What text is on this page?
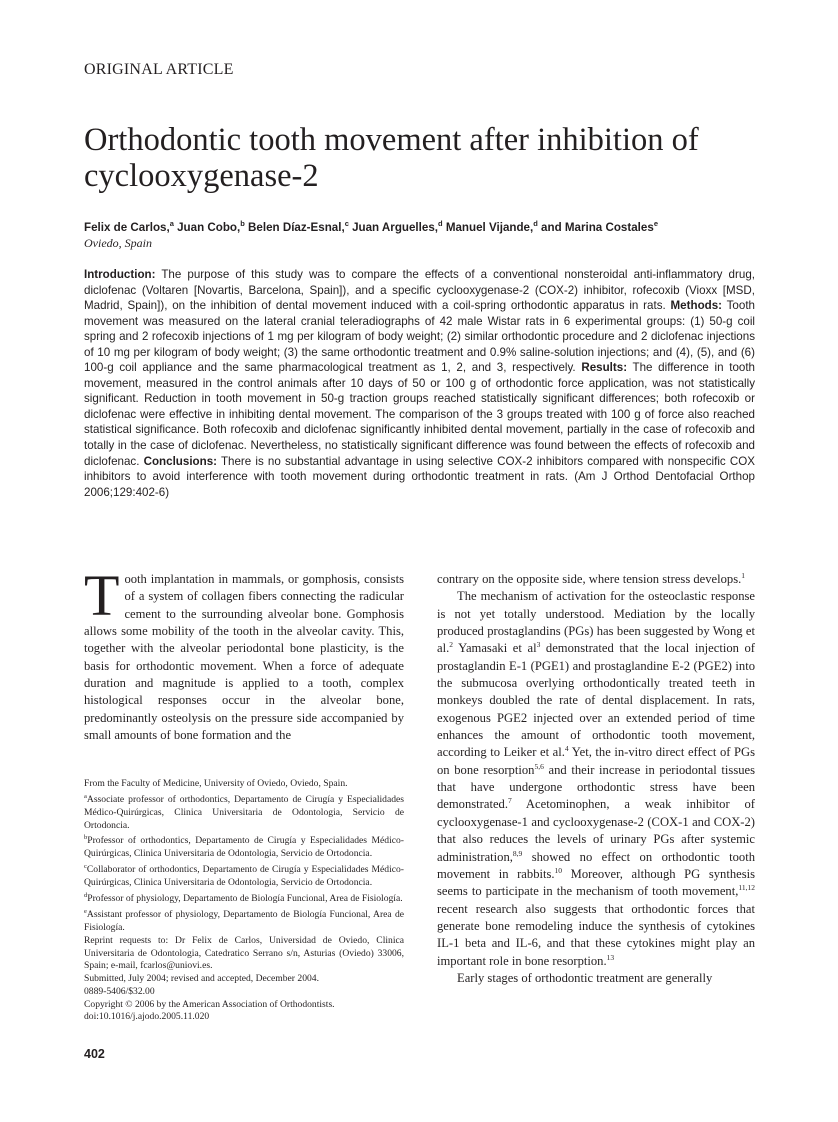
ORIGINAL ARTICLE
Orthodontic tooth movement after inhibition of cyclooxygenase-2
Felix de Carlos,$^a$ Juan Cobo,$^b$ Belen Díaz-Esnal,$^c$ Juan Arguelles,$^d$ Manuel Vijande,$^d$ and Marina Costales$^e$
Oviedo, Spain

Introduction: The purpose of this study was to compare the effects of a conventional nonsteroidal anti-inflammatory drug, diclofenac (Voltaren [Novartis, Barcelona, Spain]), and a specific cyclooxygenase-2 (COX-2) inhibitor, rofecoxib (Vioxx [MSD, Madrid, Spain]), on the inhibition of dental movement induced with a coil-spring orthodontic apparatus in rats. Methods: Tooth movement was measured on the lateral cranial teleradiographs of 42 male Wistar rats in 6 experimental groups: (1) 50-g coil spring and 2 rofecoxib injections of 1 mg per kilogram of body weight; (2) similar orthodontic procedure and 2 diclofenac injections of 10 mg per kilogram of body weight; (3) the same orthodontic treatment and 0.9% saline-solution injections; and (4), (5), and (6) 100-g coil appliance and the same pharmacological treatment as 1, 2, and 3, respectively. Results: The difference in tooth movement, measured in the control animals after 10 days of 50 or 100 g of orthodontic force application, was not statistically significant. Reduction in tooth movement in 50-g traction groups reached statistically significant differences; both rofecoxib or diclofenac were effective in inhibiting dental movement. The comparison of the 3 groups treated with 100 g of force also reached statistical significance. Both rofecoxib and diclofenac significantly inhibited dental movement, partially in the case of rofecoxib and totally in the case of diclofenac. Nevertheless, no statistically significant difference was found between the effects of rofecoxib and diclofenac. Conclusions: There is no substantial advantage in using selective COX-2 inhibitors compared with nonspecific COX inhibitors to avoid interference with tooth movement during orthodontic treatment in rats. (Am J Orthod Dentofacial Orthop 2006;129:402-6)

Tooth implantation in mammals, or gomphosis, consists of a system of collagen fibers connecting the radicular cement to the surrounding alveolar bone. Gomphosis allows some mobility of the tooth in the alveolar cavity. This, together with the alveolar periodontal bone plasticity, is the basis for orthodontic movement. When a force of adequate duration and magnitude is applied to a tooth, complex histological responses occur in the alveolar bone, predominantly osteolysis on the pressure side accompanied by small amounts of bone formation and the

contrary on the opposite side, where tension stress develops.$^1$

The mechanism of activation for the osteoclastic response is not yet totally understood. Mediation by the locally produced prostaglandins (PGs) has been suggested by Wong et al.$^2$ Yamasaki et $al^3$ demonstrated that the local injection of prostaglandin E-1 (PGE1) and prostaglandine E-2 (PGE2) into the submucosa overlying orthodontically treated teeth in monkeys doubled the rate of dental displacement. In rats, exogenous PGE2 injected over an extended period of time enhances the amount of orthodontic tooth movement, according to Leiker et al.$^4$ Yet, the in-vitro direct effect of PGs on bone resorption$^{5,6}$ and their increase in periodontal tissues that have undergone orthodontic stress have been demonstrated.$^7$ Acetominophen, a weak inhibitor of cyclooxygenase-1 and cyclooxygenase-2 (COX-1 and COX-2) that also reduces the levels of urinary PGs after systemic administration,$^{8,9}$ showed no effect on orthodontic tooth movement in rabbits.$^{10}$ Moreover, although PG synthesis seems to participate in the mechanism of tooth movement,$^{11,12}$ recent research also suggests that orthodontic forces that generate bone remodeling induce the synthesis of cytokines IL-1 beta and IL-6, and that these cytokines might play an important role in bone resorption.$^{13}$

Early stages of orthodontic treatment are generally

From the Faculty of Medicine, University of Oviedo, Oviedo, Spain.
$^a$Associate professor of orthodontics, Departamento de Cirugía y Especialidades Médico-Quirúrgicas, Clinica Universitaria de Odontologia, Servicio de Ortodoncia.
$^b$Professor of orthodontics, Departamento de Cirugía y Especialidades Médico-Quirúrgicas, Clinica Universitaria de Odontologia, Servicio de Ortodoncia.
$^c$Collaborator of orthodontics, Departamento de Cirugía y Especialidades Médico-Quirúrgicas, Clinica Universitaria de Odontologia, Servicio de Ortodoncia.
$^d$Professor of physiology, Departamento de Biología Funcional, Area de Fisiología.
$^e$Assistant professor of physiology, Departamento de Biología Funcional, Area de Fisiología.
Reprint requests to: Dr Felix de Carlos, Universidad de Oviedo, Clinica Universitaria de Odontologia, Catedratico Serrano s/n, Asturias (Oviedo) 33006, Spain; e-mail, fcarlos@uniovi.es.
Submitted, July 2004; revised and accepted, December 2004.
0889-5406/$32.00
Copyright © 2006 by the American Association of Orthodontists.
doi:10.1016/j.ajodo.2005.11.020
402
